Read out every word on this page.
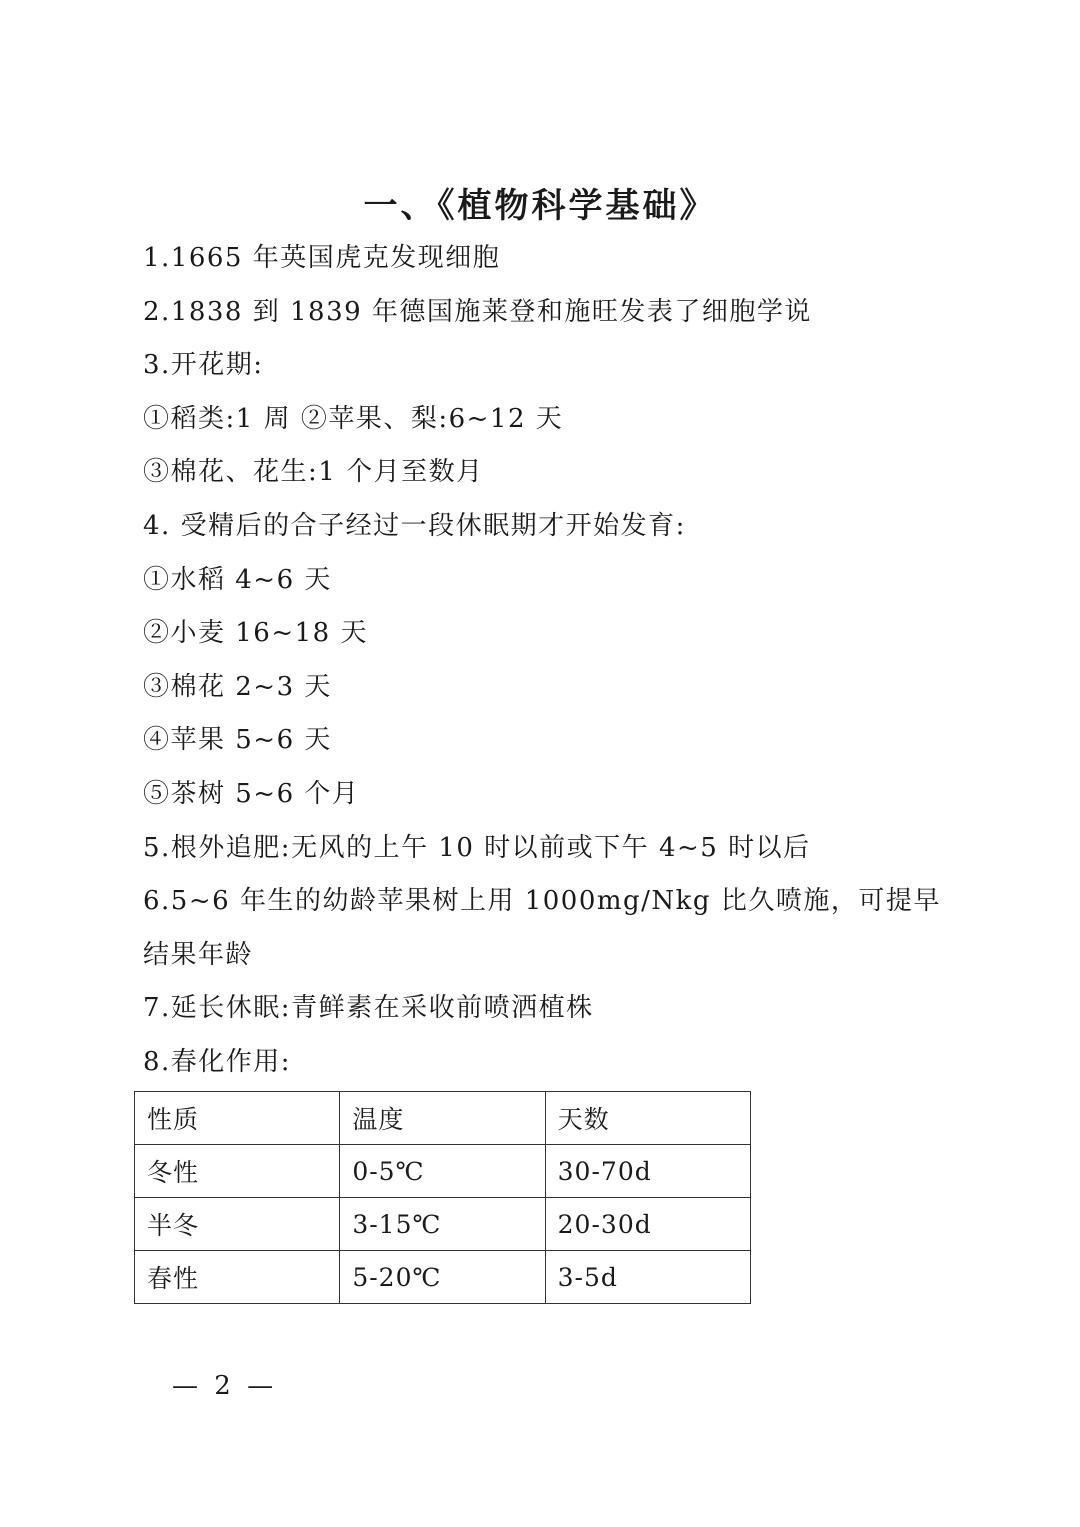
一、《植物科学基础》
1.1665 年英国虎克发现细胞
2.1838 到 1839 年德国施莱登和施旺发表了细胞学说
3.开花期:
①稻类:1 周 ②苹果、梨:6~12 天
③棉花、花生:1 个月至数月
4. 受精后的合子经过一段休眠期才开始发育:
①水稻 4~6 天
②小麦 16~18 天
③棉花 2~3 天
④苹果 5~6 天
⑤茶树 5~6 个月
5.根外追肥:无风的上午 10 时以前或下午 4~5 时以后
6.5~6 年生的幼龄苹果树上用 1000mg/Nkg 比久喷施，可提早
结果年龄
7.延长休眠:青鲜素在采收前喷洒植株
8.春化作用:
性质	温度	天数
冬性	0-5℃	30-70d
半冬	3-15℃	20-30d
春性	5-20℃	3-5d
— 2 —
